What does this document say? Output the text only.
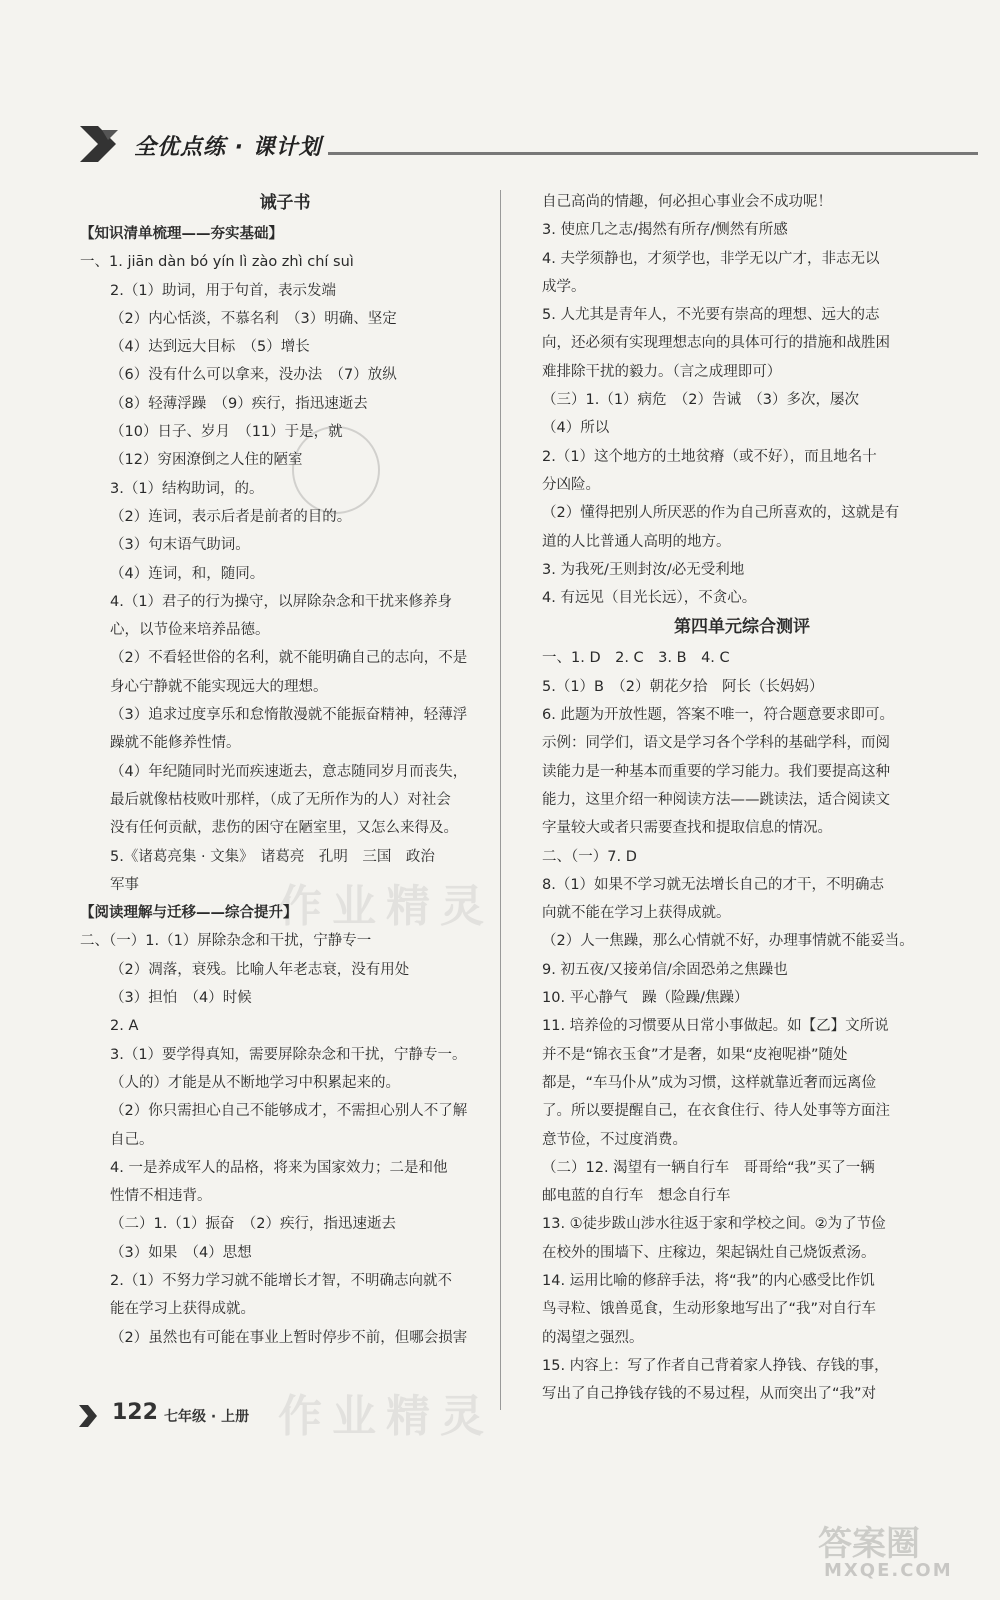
全优点练 · 课计划
诫子书
【知识清单梳理——夯实基础】
一、1. jiān dàn bó yín lì zào zhì chí suì
2.（1）助词，用于句首，表示发端
（2）内心恬淡，不慕名利　（3）明确、坚定
（4）达到远大目标　（5）增长
（6）没有什么可以拿来，没办法　（7）放纵
（8）轻薄浮躁　（9）疾行，指迅速逝去
（10）日子、岁月　（11）于是，就
（12）穷困潦倒之人住的陋室
3.（1）结构助词，的。
（2）连词，表示后者是前者的目的。
（3）句末语气助词。
（4）连词，和，随同。
4.（1）君子的行为操守，以屏除杂念和干扰来修养身
心，以节俭来培养品德。
（2）不看轻世俗的名利，就不能明确自己的志向，不是
身心宁静就不能实现远大的理想。
（3）追求过度享乐和怠惰散漫就不能振奋精神，轻薄浮
躁就不能修养性情。
（4）年纪随同时光而疾速逝去，意志随同岁月而丧失，
最后就像枯枝败叶那样，（成了无所作为的人）对社会
没有任何贡献，悲伤的困守在陋室里，又怎么来得及。
5.《诸葛亮集 · 文集》　诸葛亮　孔明　三国　政治
军事
【阅读理解与迁移——综合提升】
二、（一）1.（1）屏除杂念和干扰，宁静专一
（2）凋落，衰残。比喻人年老志衰，没有用处
（3）担怕　（4）时候
2. A
3.（1）要学得真知，需要屏除杂念和干扰，宁静专一。
（人的）才能是从不断地学习中积累起来的。
（2）你只需担心自己不能够成才，不需担心别人不了解
自己。
4. 一是养成军人的品格，将来为国家效力；二是和他
性情不相违背。
（二）1.（1）振奋　（2）疾行，指迅速逝去
（3）如果　（4）思想
2.（1）不努力学习就不能增长才智，不明确志向就不
能在学习上获得成就。
（2）虽然也有可能在事业上暂时停步不前，但哪会损害
自己高尚的情趣，何必担心事业会不成功呢！
3. 使庶几之志/揭然有所存/恻然有所感
4. 夫学须静也，才须学也，非学无以广才，非志无以
成学。
5. 人尤其是青年人，不光要有崇高的理想、远大的志
向，还必须有实现理想志向的具体可行的措施和战胜困
难排除干扰的毅力。（言之成理即可）
（三）1.（1）病危　（2）告诫　（3）多次，屡次
（4）所以
2.（1）这个地方的土地贫瘠（或不好），而且地名十
分凶险。
（2）懂得把别人所厌恶的作为自己所喜欢的，这就是有
道的人比普通人高明的地方。
3. 为我死/王则封汝/必无受利地
4. 有远见（目光长远），不贪心。
第四单元综合测评
一、1. D　2. C　3. B　4. C
5.（1）B　（2）朝花夕拾　阿长（长妈妈）
6. 此题为开放性题，答案不唯一，符合题意要求即可。
示例：同学们，语文是学习各个学科的基础学科，而阅
读能力是一种基本而重要的学习能力。我们要提高这种
能力，这里介绍一种阅读方法——跳读法，适合阅读文
字量较大或者只需要查找和提取信息的情况。
二、（一）7. D
8.（1）如果不学习就无法增长自己的才干，不明确志
向就不能在学习上获得成就。
（2）人一焦躁，那么心情就不好，办理事情就不能妥当。
9. 初五夜/又接弟信/余固恐弟之焦躁也
10. 平心静气　躁（险躁/焦躁）
11. 培养俭的习惯要从日常小事做起。如【乙】文所说
并不是“锦衣玉食”才是奢，如果“皮袍呢褂”随处
都是，“车马仆从”成为习惯，这样就靠近奢而远离俭
了。所以要提醒自己，在衣食住行、待人处事等方面注
意节俭，不过度消费。
（二）12. 渴望有一辆自行车　哥哥给“我”买了一辆
邮电蓝的自行车　想念自行车
13. ①徒步跋山涉水往返于家和学校之间。②为了节俭
在校外的围墙下、庄稼边，架起锅灶自己烧饭煮汤。
14. 运用比喻的修辞手法，将“我”的内心感受比作饥
鸟寻粒、饿兽觅食，生动形象地写出了“我”对自行车
的渴望之强烈。
15. 内容上：写了作者自己背着家人挣钱、存钱的事，
写出了自己挣钱存钱的不易过程，从而突出了“我”对
作业精灵
作业精灵
122 七年级 · 上册
答案圈
MXQE.COM
